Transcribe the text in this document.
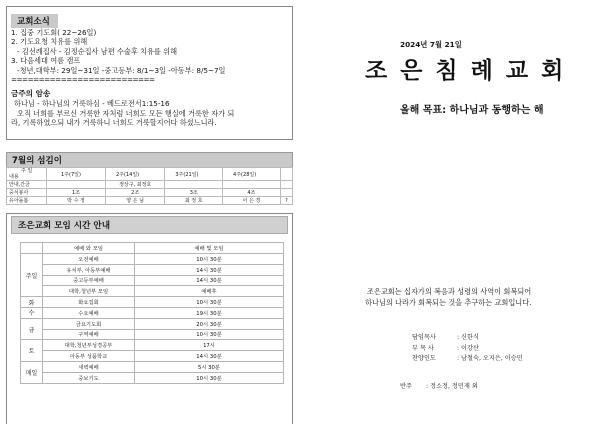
교회소식
1. 집중 기도회( 22~26일)
2. 기도요청 치유를 위해
- 김선례집사 - 김정순집사 남편 수술후 치유를 위해
3. 다음세대 여름 캠프
-청년,대학부: 29일~31일 -중고등부: 8/1~3일 -아동부: 8/5~7일
==========================
금주의 암송
하나님 - 하나님의 거룩하심 - 베드로전서1:15-16
오직 너희를 부르신 거룩한 자처럼 너희도 모든 행실에 거룩한 자가 되
라, 기록하였으되 내가 거룩하니 너희도 거룩할지어다 하셨느니라.
7월의 섬김이
주 일
내용	1주(7일)	2주(14일)	3주(21일)	4주(28일)	
안내,간금		정상구, 최정호			
중식봉사	1조	2조	3조	4조	
유아돌봄	박 수 정	양 은 님	최 정 호	이 은 경	?
조은교회 모임 시간 안내
	예배 와 모임	예배 및 모임
주일	오전예배	10시 30분
	유치부, 아동부예배	14시 30분
	중고등부예배	14시 30분
	대학,청년부 모임	예배후
화	화요집회	10시 30분
수	수요예배	19시 30분
금	금요기도회	20시 30분
	구역예배	10시 30분
토	대학,청년부성경공부	17시
	아동부 성품학교	14시 30분
매일	새벽예배	5시 30분
	중보기도	10시 30분
2024년 7월 21일
조은침례교회
올해 목표: 하나님과 동행하는 해
조은교회는 십자가의 복음과 성령의 사역이 회복되어
하나님의 나라가 회복되는 것을 추구하는 교회입니다.
담임목사	: 신한식
부 목 사	: 이강산
찬양인도	: 남철숙, 오지은, 이승민
반주 : 정소정, 정민재 외
